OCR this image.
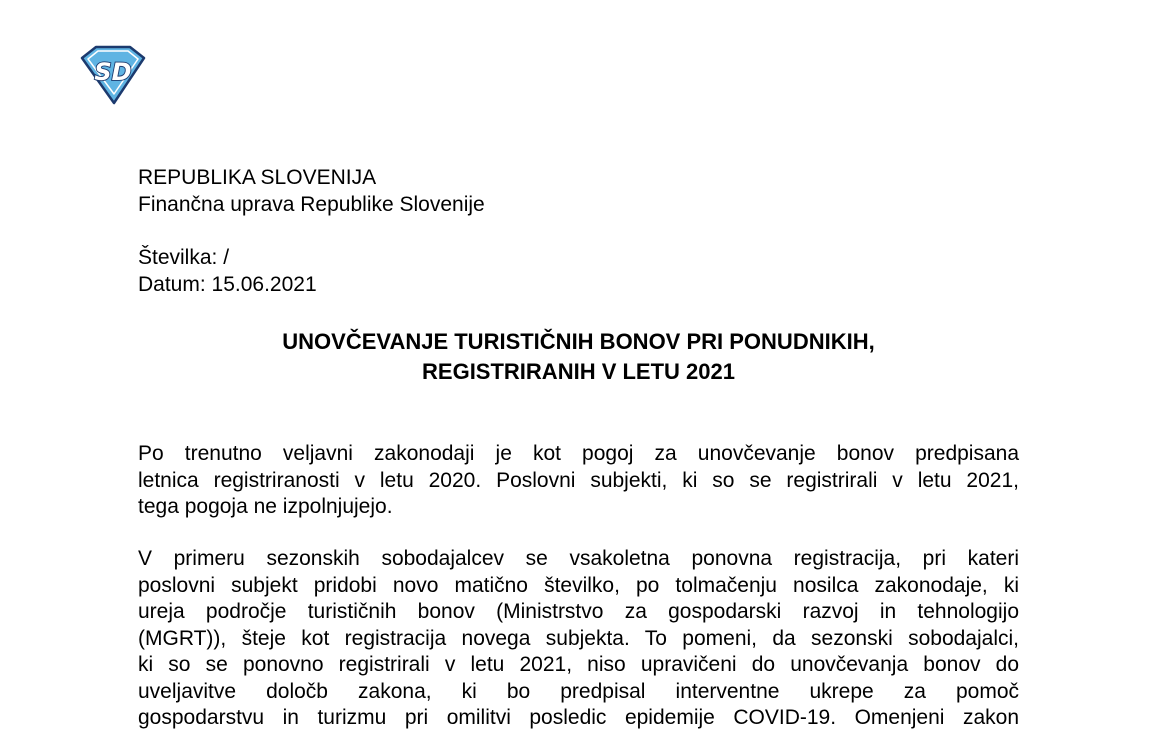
SD
REPUBLIKA SLOVENIJA
Finančna uprava Republike Slovenije
Številka: /
Datum: 15.06.2021
UNOVČEVANJE TURISTIČNIH BONOV PRI PONUDNIKIH,
REGISTRIRANIH V LETU 2021

Po trenutno veljavni zakonodaji je kot pogoj za unovčevanje bonov predpisana
letnica registriranosti v letu 2020. Poslovni subjekti, ki so se registrirali v letu 2021,
tega pogoja ne izpolnjujejo.

V primeru sezonskih sobodajalcev se vsakoletna ponovna registracija, pri kateri
poslovni subjekt pridobi novo matično številko, po tolmačenju nosilca zakonodaje, ki
ureja področje turističnih bonov (Ministrstvo za gospodarski razvoj in tehnologijo
(MGRT)), šteje kot registracija novega subjekta. To pomeni, da sezonski sobodajalci,
ki so se ponovno registrirali v letu 2021, niso upravičeni do unovčevanja bonov do
uveljavitve določb zakona, ki bo predpisal interventne ukrepe za pomoč
gospodarstvu in turizmu pri omilitvi posledic epidemije COVID-19. Omenjeni zakon
